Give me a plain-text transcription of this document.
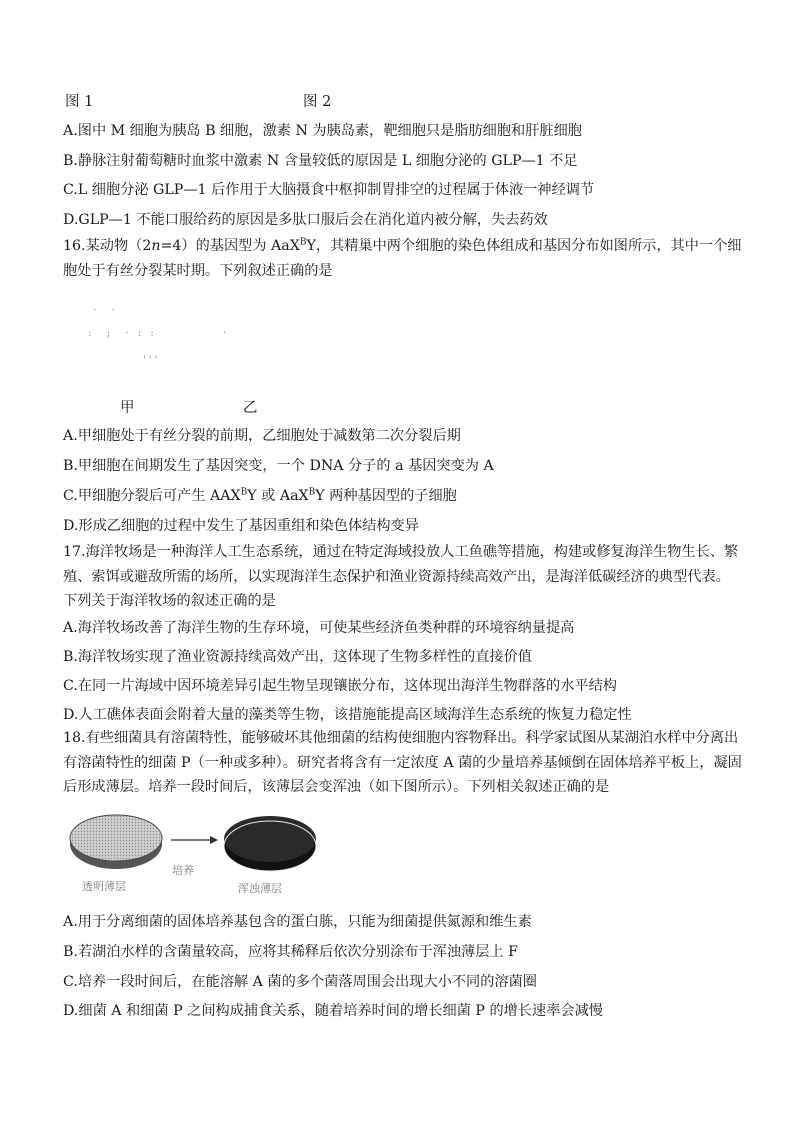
图 1	图 2
A.图中 M 细胞为胰岛 B 细胞，激素 N 为胰岛素，靶细胞只是脂肪细胞和肝脏细胞
B.静脉注射葡萄糖时血浆中激素 N 含量较低的原因是 L 细胞分泌的 GLP—1 不足
C.L 细胞分泌 GLP—1 后作用于大脑摄食中枢抑制胃排空的过程属于体液一神经调节
D.GLP—1 不能口服给药的原因是多肽口服后会在消化道内被分解，失去药效
16.某动物（2n=4）的基因型为 AaX$^B$Y，其精巢中两个细胞的染色体组成和基因分布如图所示，其中一个细胞处于有丝分裂某时期。下列叙述正确的是
·  ·
:  ;  · : :	·
'''
甲	乙
A.甲细胞处于有丝分裂的前期，乙细胞处于减数第二次分裂后期
B.甲细胞在间期发生了基因突变，一个 DNA 分子的 a 基因突变为 A
C.甲细胞分裂后可产生 $AAX^BY$ 或 AaX$^B$Y 两种基因型的子细胞
D.形成乙细胞的过程中发生了基因重组和染色体结构变异
17.海洋牧场是一种海洋人工生态系统，通过在特定海域投放人工鱼礁等措施，构建或修复海洋生物生长、繁殖、索饵或避敌所需的场所，以实现海洋生态保护和渔业资源持续高效产出，是海洋低碳经济的典型代表。下列关于海洋牧场的叙述正确的是
A.海洋牧场改善了海洋生物的生存环境，可使某些经济鱼类种群的环境容纳量提高
B.海洋牧场实现了渔业资源持续高效产出，这体现了生物多样性的直接价值
C.在同一片海域中因环境差异引起生物呈现镶嵌分布，这体现出海洋生物群落的水平结构
D.人工礁体表面会附着大量的藻类等生物，该措施能提高区域海洋生态系统的恢复力稳定性
18.有些细菌具有溶菌特性，能够破坏其他细菌的结构使细胞内容物释出。科学家试图从某湖泊水样中分离出有溶菌特性的细菌 P（一种或多种）。研究者将含有一定浓度 A 菌的少量培养基倾倒在固体培养平板上，凝固后形成薄层。培养一段时间后，该薄层会变浑浊（如下图所示）。下列相关叙述正确的是
透明薄层
培养
浑浊薄层
A.用于分离细菌的固体培养基包含的蛋白胨，只能为细菌提供氮源和维生素
B.若湖泊水样的含菌量较高，应将其稀释后依次分别涂布于浑浊薄层上 F
C.培养一段时间后，在能溶解 A 菌的多个菌落周围会出现大小不同的溶菌圈
D.细菌 A 和细菌 P 之间构成捕食关系，随着培养时间的增长细菌 P 的增长速率会减慢
